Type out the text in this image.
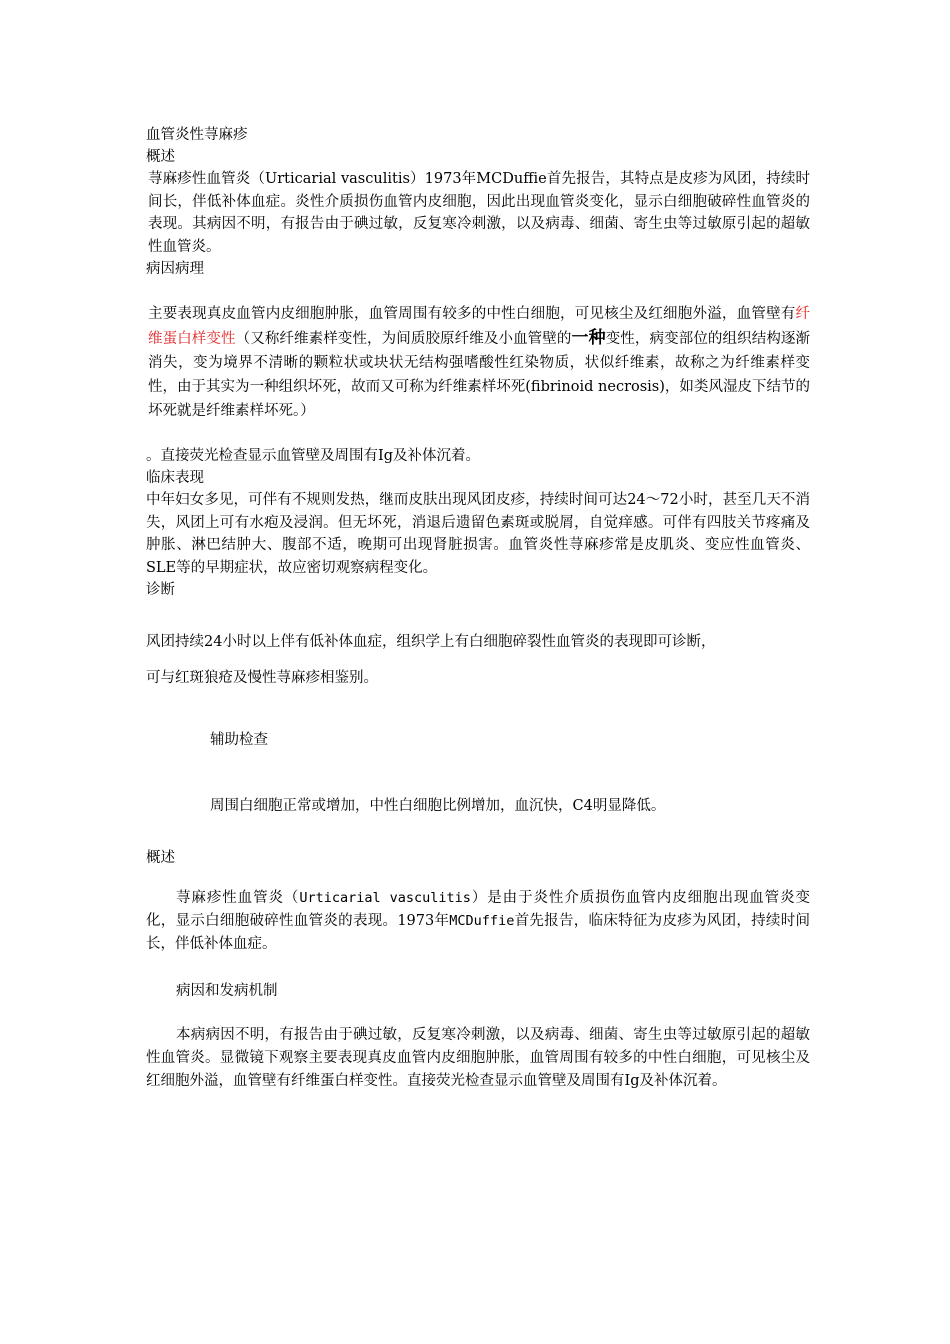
血管炎性荨麻疹

概述

荨麻疹性血管炎（Urticarial vasculitis）1973年MCDuffie首先报告，其特点是皮疹为风团，持续时间长，伴低补体血症。炎性介质损伤血管内皮细胞，因此出现血管炎变化，显示白细胞破碎性血管炎的表现。其病因不明，有报告由于碘过敏，反复寒冷刺激，以及病毒、细菌、寄生虫等过敏原引起的超敏性血管炎。

病因病理

主要表现真皮血管内皮细胞肿胀，血管周围有较多的中性白细胞，可见核尘及红细胞外溢，血管壁有纤维蛋白样变性（又称纤维素样变性，为间质胶原纤维及小血管壁的一种变性，病变部位的组织结构逐渐消失，变为境界不清晰的颗粒状或块状无结构强嗜酸性红染物质，状似纤维素，故称之为纤维素样变性，由于其实为一种组织坏死，故而又可称为纤维素样坏死(fibrinoid necrosis)，如类风湿皮下结节的坏死就是纤维素样坏死。）

。直接荧光检查显示血管壁及周围有Ig及补体沉着。

临床表现

中年妇女多见，可伴有不规则发热，继而皮肤出现风团皮疹，持续时间可达24～72小时，甚至几天不消失，风团上可有水疱及浸润。但无坏死，消退后遗留色素斑或脱屑，自觉痒感。可伴有四肢关节疼痛及肿胀、淋巴结肿大、腹部不适，晚期可出现肾脏损害。血管炎性荨麻疹常是皮肌炎、变应性血管炎、SLE等的早期症状，故应密切观察病程变化。

诊断

风团持续24小时以上伴有低补体血症，组织学上有白细胞碎裂性血管炎的表现即可诊断，

可与红斑狼疮及慢性荨麻疹相鉴别。

辅助检查

周围白细胞正常或增加，中性白细胞比例增加，血沉快，C4明显降低。

概述

荨麻疹性血管炎（Urticarial vasculitis）是由于炎性介质损伤血管内皮细胞出现血管炎变化，显示白细胞破碎性血管炎的表现。1973年MCDuffie首先报告，临床特征为皮疹为风团，持续时间长，伴低补体血症。

病因和发病机制

本病病因不明，有报告由于碘过敏，反复寒冷刺激，以及病毒、细菌、寄生虫等过敏原引起的超敏性血管炎。显微镜下观察主要表现真皮血管内皮细胞肿胀，血管周围有较多的中性白细胞，可见核尘及红细胞外溢，血管壁有纤维蛋白样变性。直接荧光检查显示血管壁及周围有Ig及补体沉着。
